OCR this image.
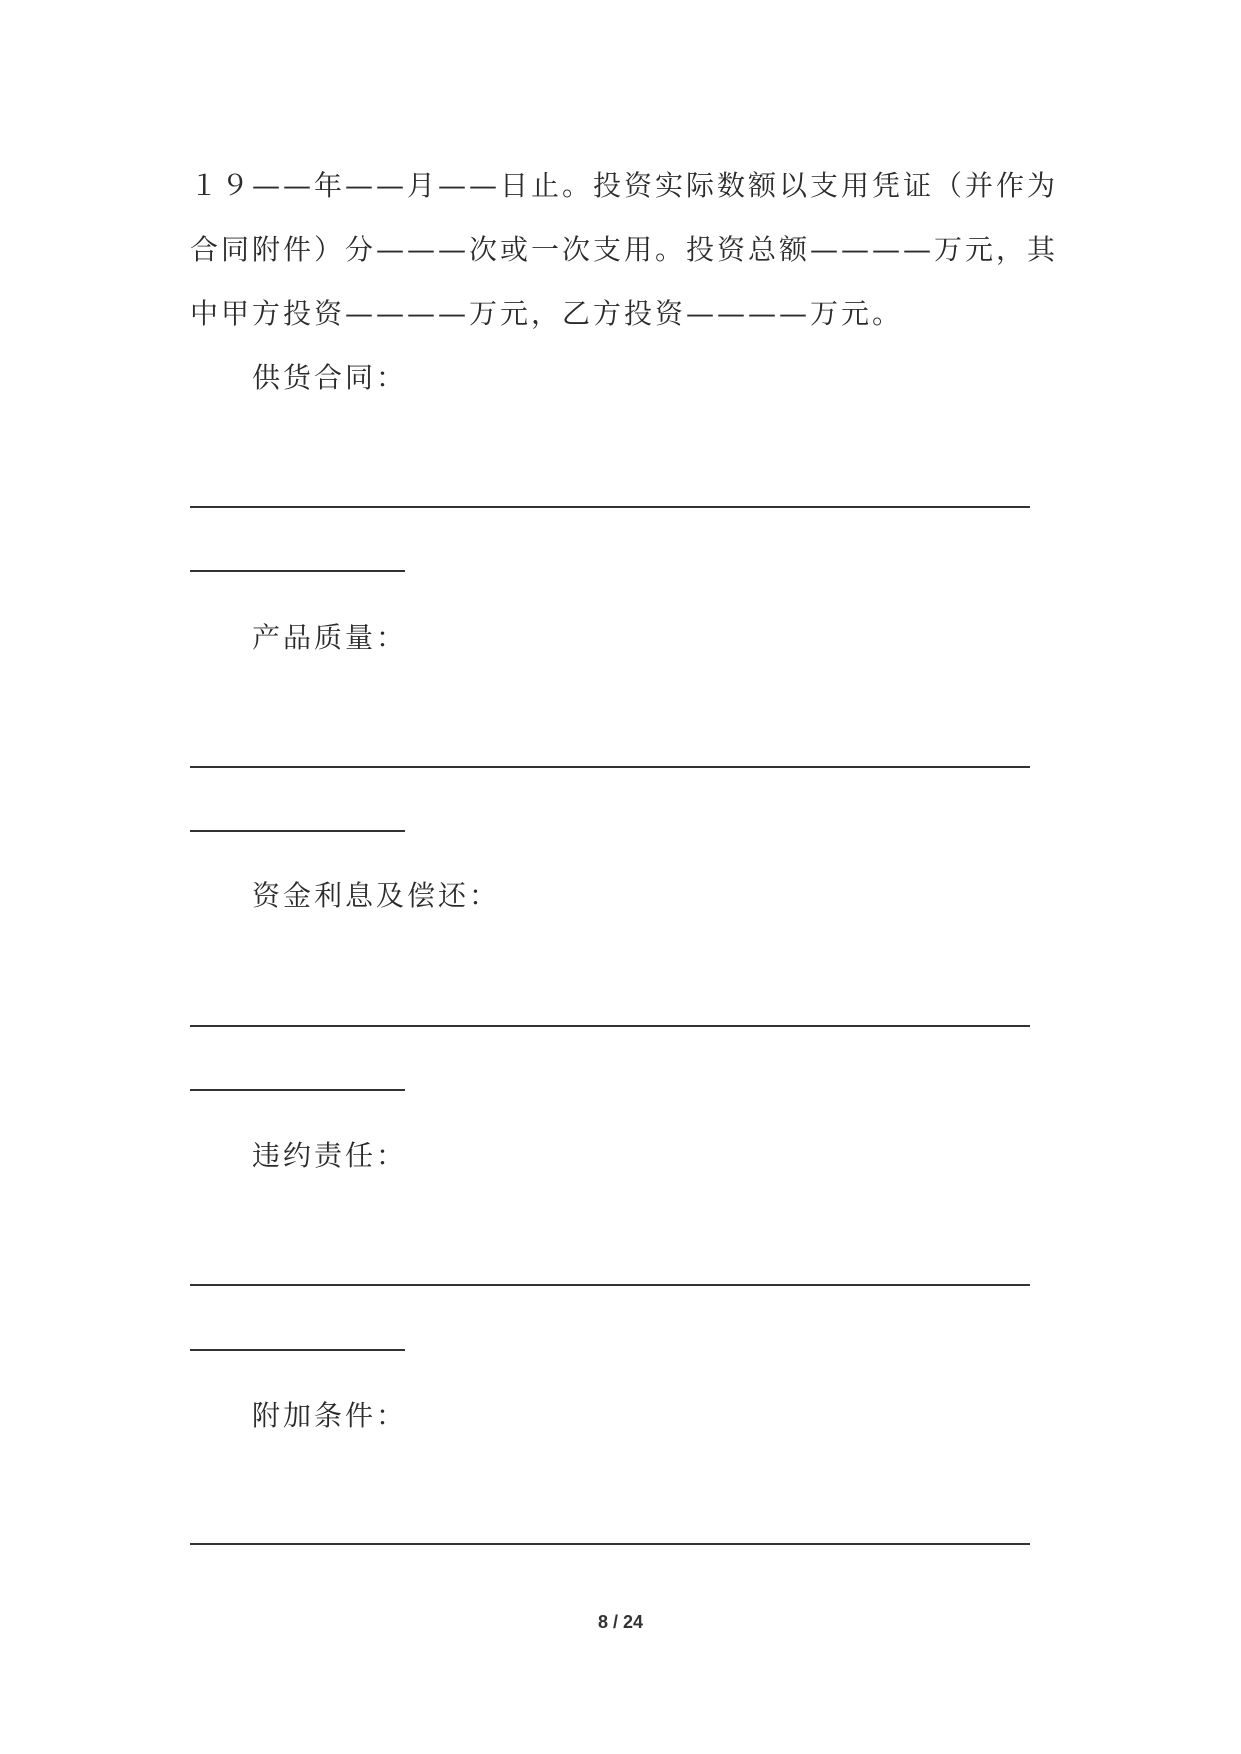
１９——年——月——日止。投资实际数额以支用凭证（并作为
合同附件）分———次或一次支用。投资总额————万元，其
中甲方投资————万元，乙方投资————万元。
供货合同：
产品质量：
资金利息及偿还：
违约责任：
附加条件：
8 / 24
